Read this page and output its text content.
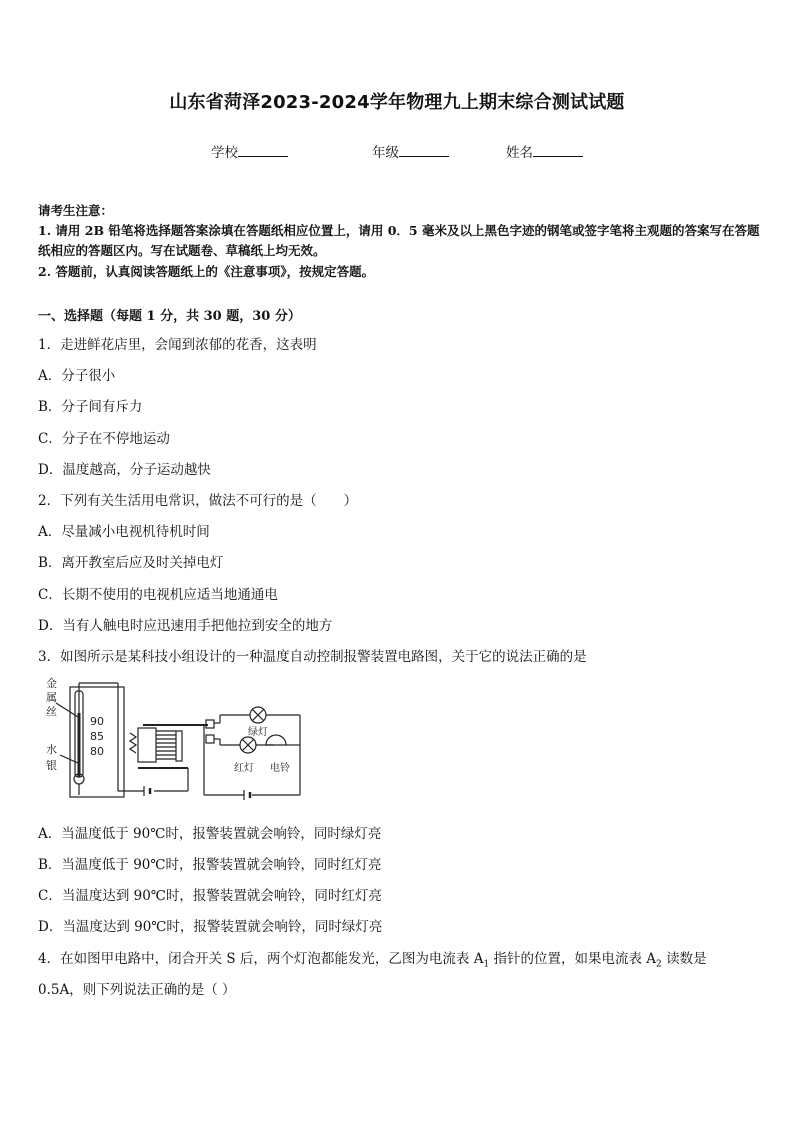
山东省菏泽2023-2024学年物理九上期末综合测试试题
学校	年级	姓名
请考生注意：
1. 请用 2B 铅笔将选择题答案涂填在答题纸相应位置上，请用 0．5 毫米及以上黑色字迹的钢笔或签字笔将主观题的答案写在答题纸相应的答题区内。写在试题卷、草稿纸上均无效。
2. 答题前，认真阅读答题纸上的《注意事项》，按规定答题。
一、选择题（每题 1 分，共 30 题，30 分）
1．走进鲜花店里，会闻到浓郁的花香，这表明
A．分子很小
B．分子间有斥力
C．分子在不停地运动
D．温度越高，分子运动越快
2．下列有关生活用电常识，做法不可行的是（　　）
A．尽量减小电视机待机时间
B．离开教室后应及时关掉电灯
C．长期不使用的电视机应适当地通通电
D．当有人触电时应迅速用手把他拉到安全的地方
3．如图所示是某科技小组设计的一种温度自动控制报警装置电路图，关于它的说法正确的是
金
属
丝
水
银
90
85
80
绿灯
红灯 电铃
A．当温度低于 90℃时，报警装置就会响铃，同时绿灯亮
B．当温度低于 90℃时，报警装置就会响铃，同时红灯亮
C．当温度达到 90℃时，报警装置就会响铃，同时红灯亮
D．当温度达到 90℃时，报警装置就会响铃，同时绿灯亮
4．在如图甲电路中，闭合开关 S 后，两个灯泡都能发光，乙图为电流表 $A_1$ 指针的位置，如果电流表 $A_2$ 读数是
0.5A，则下列说法正确的是（ ）
